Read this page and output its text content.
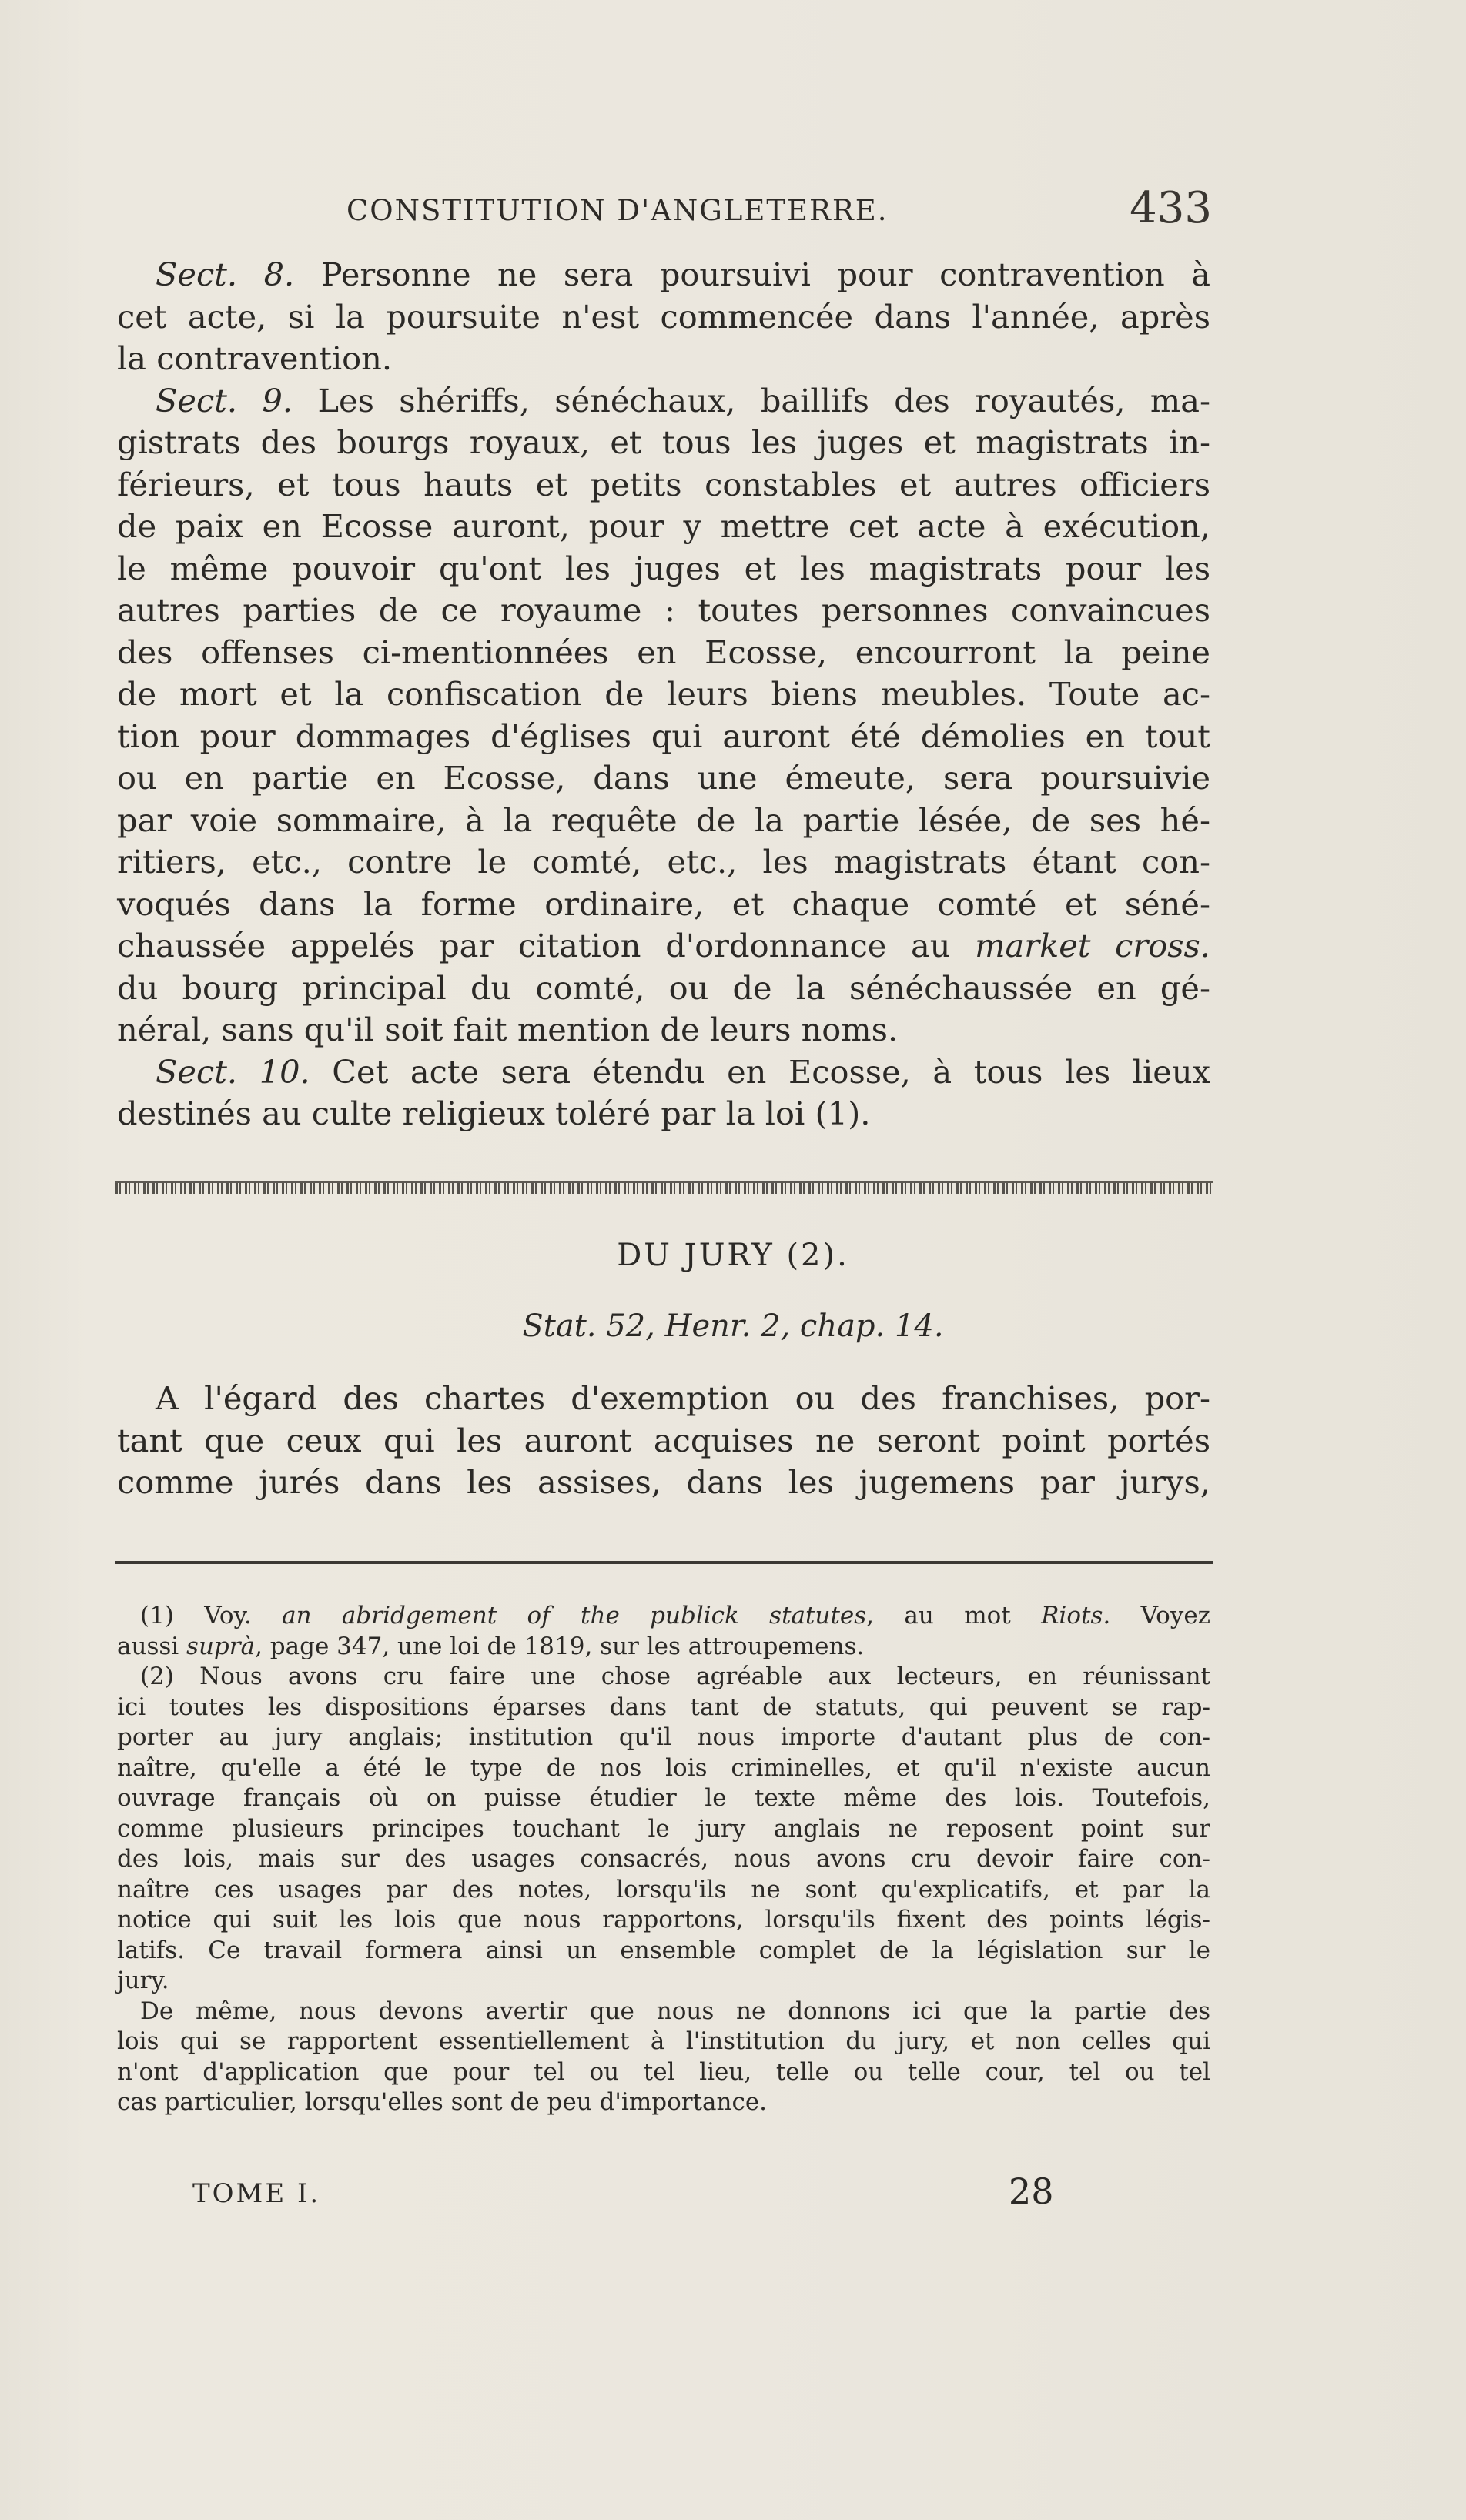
CONSTITUTION D'ANGLETERRE.	433
Sect. 8. Personne ne sera poursuivi pour contravention à
cet acte, si la poursuite n'est commencée dans l'année, après
la contravention.
Sect. 9. Les shériffs, sénéchaux, baillifs des royautés, ma-
gistrats des bourgs royaux, et tous les juges et magistrats in-
férieurs, et tous hauts et petits constables et autres officiers
de paix en Ecosse auront, pour y mettre cet acte à exécution,
le même pouvoir qu'ont les juges et les magistrats pour les
autres parties de ce royaume : toutes personnes convaincues
des offenses ci-mentionnées en Ecosse, encourront la peine
de mort et la confiscation de leurs biens meubles. Toute ac-
tion pour dommages d'églises qui auront été démolies en tout
ou en partie en Ecosse, dans une émeute, sera poursuivie
par voie sommaire, à la requête de la partie lésée, de ses hé-
ritiers, etc., contre le comté, etc., les magistrats étant con-
voqués dans la forme ordinaire, et chaque comté et séné-
chaussée appelés par citation d'ordonnance au market cross.
du bourg principal du comté, ou de la sénéchaussée en gé-
néral, sans qu'il soit fait mention de leurs noms.
Sect. 10. Cet acte sera étendu en Ecosse, à tous les lieux
destinés au culte religieux toléré par la loi (1).
DU JURY (2).
Stat. 52, Henr. 2, chap. 14.
A l'égard des chartes d'exemption ou des franchises, por-
tant que ceux qui les auront acquises ne seront point portés
comme jurés dans les assises, dans les jugemens par jurys,
(1) Voy. an abridgement of the publick statutes, au mot Riots. Voyez
aussi suprà, page 347, une loi de 1819, sur les attroupemens.
(2) Nous avons cru faire une chose agréable aux lecteurs, en réunissant
ici toutes les dispositions éparses dans tant de statuts, qui peuvent se rap-
porter au jury anglais; institution qu'il nous importe d'autant plus de con-
naître, qu'elle a été le type de nos lois criminelles, et qu'il n'existe aucun
ouvrage français où on puisse étudier le texte même des lois. Toutefois,
comme plusieurs principes touchant le jury anglais ne reposent point sur
des lois, mais sur des usages consacrés, nous avons cru devoir faire con-
naître ces usages par des notes, lorsqu'ils ne sont qu'explicatifs, et par la
notice qui suit les lois que nous rapportons, lorsqu'ils fixent des points légis-
latifs. Ce travail formera ainsi un ensemble complet de la législation sur le
jury.
De même, nous devons avertir que nous ne donnons ici que la partie des
lois qui se rapportent essentiellement à l'institution du jury, et non celles qui
n'ont d'application que pour tel ou tel lieu, telle ou telle cour, tel ou tel
cas particulier, lorsqu'elles sont de peu d'importance.
TOME I.	28
